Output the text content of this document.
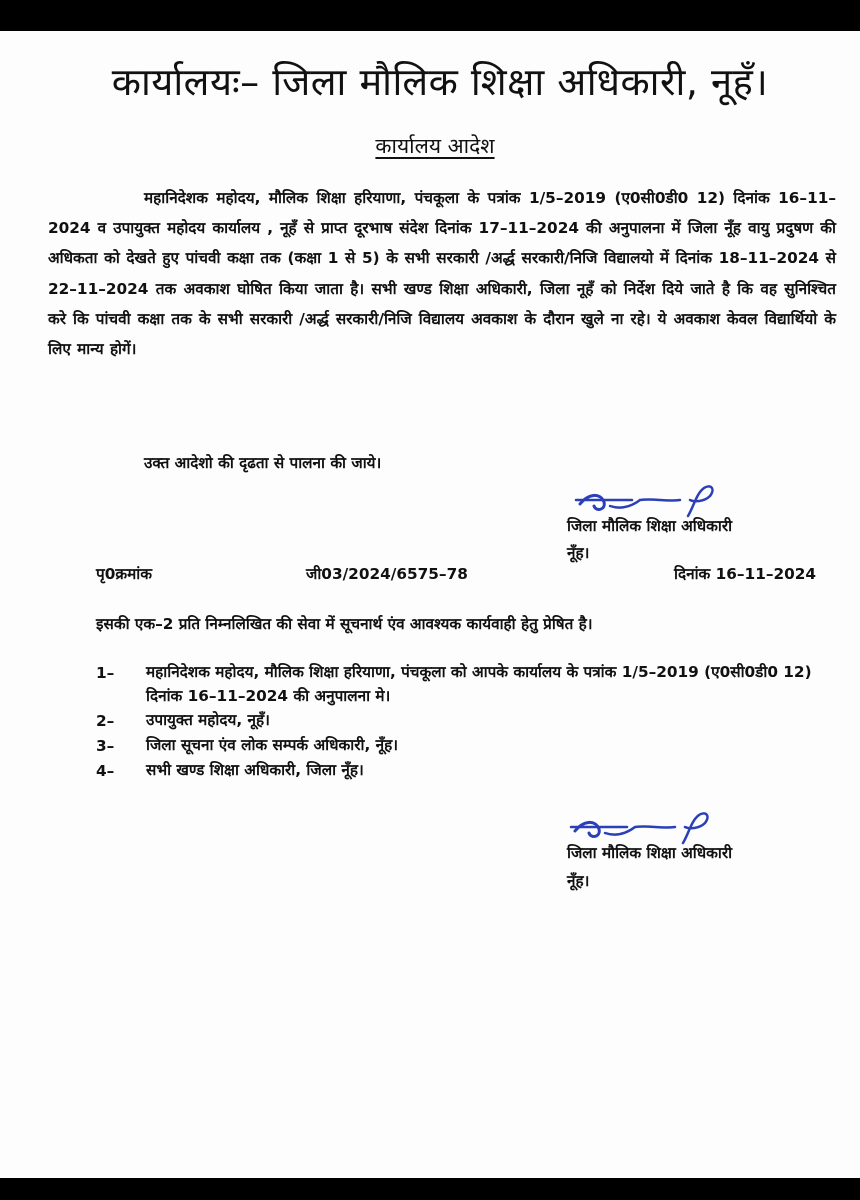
कार्यालयः– जिला मौलिक शिक्षा अधिकारी, नूहँ।
कार्यालय आदेश
महानिदेशक महोदय, मौलिक शिक्षा हरियाणा, पंचकूला के पत्रांक 1/5–2019 (ए0सी0डी0 12) दिनांक 16–11–2024 व उपायुक्त महोदय कार्यालय , नूहँ से प्राप्त दूरभाष संदेश दिनांक 17–11–2024 की अनुपालना में जिला नूँह वायु प्रदुषण की अधिकता को देखते हुए पांचवी कक्षा तक (कक्षा 1 से 5) के सभी सरकारी /अर्द्ध सरकारी/निजि विद्यालयो में दिनांक 18–11–2024 से 22–11–2024 तक अवकाश घोषित किया जाता है। सभी खण्ड शिक्षा अधिकारी, जिला नूहँ को निर्देश दिये जाते है कि वह सुनिश्चित करे कि पांचवी कक्षा तक के सभी सरकारी /अर्द्ध सरकारी/निजि विद्यालय अवकाश के दौरान खुले ना रहे। ये अवकाश केवल विद्यार्थियो के लिए मान्य होगें।
उक्त आदेशो की दृढता से पालना की जाये।
जिला मौलिक शिक्षा अधिकारी
नूँह।
पृ0क्रमांक	जी03/2024/6575–78	दिनांक 16–11–2024
इसकी एक–2 प्रति निम्नलिखित की सेवा में सूचनार्थ एंव आवश्यक कार्यवाही हेतु प्रेषित है।
1– महानिदेशक महोदय, मौलिक शिक्षा हरियाणा, पंचकूला को आपके कार्यालय के पत्रांक 1/5–2019 (ए0सी0डी0 12) दिनांक 16–11–2024 की अनुपालना मे।
2– उपायुक्त महोदय, नूहँ।
3– जिला सूचना एंव लोक सम्पर्क अधिकारी, नूँह।
4– सभी खण्ड शिक्षा अधिकारी, जिला नूँह।
जिला मौलिक शिक्षा अधिकारी
नूँह।
